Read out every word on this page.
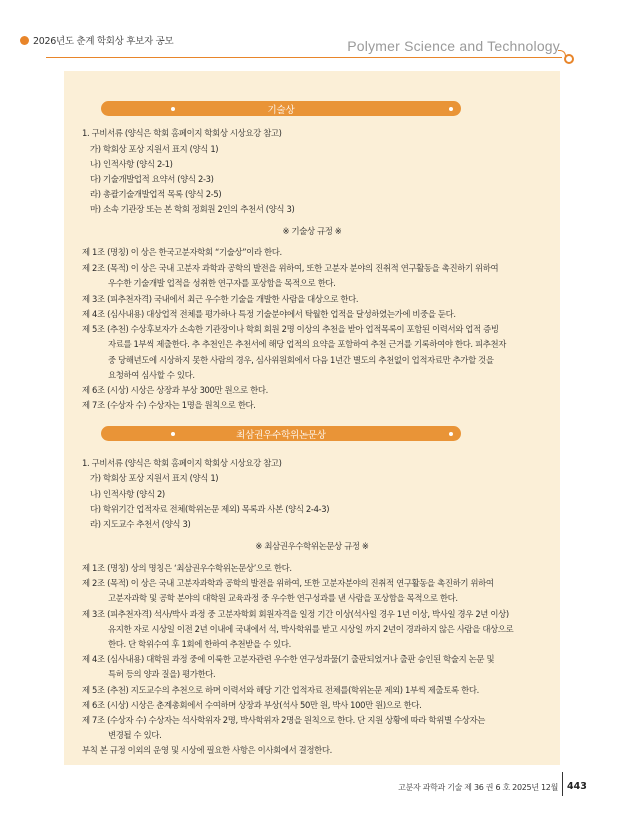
2026년도 춘계 학회상 후보자 공모	Polymer Science and Technology
기술상
1. 구비서류 (양식은 학회 홈페이지 학회상 시상요강 참고)
가) 학회상 포상 지원서 표지 (양식 1)
나) 인적사항 (양식 2-1)
다) 기술개발업적 요약서 (양식 2-3)
라) 총괄기술개발업적 목록 (양식 2-5)
마) 소속 기관장 또는 본 학회 정회원 2인의 추천서 (양식 3)
※ 기술상 규정 ※
제 1조 (명칭) 이 상은 한국고분자학회 “기술상”이라 한다.
제 2조 (목적) 이 상은 국내 고분자 과학과 공학의 발전을 위하여, 또한 고분자 분야의 진취적 연구활동을 촉진하기 위하여
우수한 기술개발 업적을 성취한 연구자를 포상함을 목적으로 한다.
제 3조 (피추천자격) 국내에서 최근 우수한 기술을 개발한 사람을 대상으로 한다.
제 4조 (심사내용) 대상업적 전체를 평가하나 특정 기술분야에서 탁월한 업적을 달성하였는가에 비중을 둔다.
제 5조 (추천) 수상후보자가 소속한 기관장이나 학회 회원 2명 이상의 추천을 받아 업적목록이 포함된 이력서와 업적 증빙
자료를 1부씩 제출한다. 추 추천인은 추천서에 해당 업적의 요약을 포함하여 추천 근거를 기록하여야 한다. 피추천자
중 당해년도에 시상하지 못한 사람의 경우, 심사위원회에서 다음 1년간 별도의 추천없이 업적자료만 추가할 것을
요청하여 심사할 수 있다.
제 6조 (시상) 시상은 상장과 부상 300만 원으로 한다.
제 7조 (수상자 수) 수상자는 1명을 원칙으로 한다.
최삼권우수학위논문상
1. 구비서류 (양식은 학회 홈페이지 학회상 시상요강 참고)
가) 학회상 포상 지원서 표지 (양식 1)
나) 인적사항 (양식 2)
다) 학위기간 업적자료 전체(학위논문 제외) 목록과 사본 (양식 2-4-3)
라) 지도교수 추천서 (양식 3)
※ 최삼권우수학위논문상 규정 ※
제 1조 (명칭) 상의 명칭은 ‘최삼권우수학위논문상’으로 한다.
제 2조 (목적) 이 상은 국내 고분자과학과 공학의 발전을 위하여, 또한 고분자분야의 진취적 연구활동을 촉진하기 위하여
고분자과학 및 공학 분야의 대학원 교육과정 중 우수한 연구성과를 낸 사람을 포상함을 목적으로 한다.
제 3조 (피추천자격) 석사/박사 과정 중 고분자학회 회원자격을 일정 기간 이상(석사일 경우 1년 이상, 박사일 경우 2년 이상)
유지한 자로 시상일 이전 2년 이내에 국내에서 석, 박사학위를 받고 시상일 까지 2년이 경과하지 않은 사람을 대상으로
한다. 단 학위수여 후 1회에 한하여 추천받을 수 있다.
제 4조 (심사내용) 대학원 과정 중에 이룩한 고분자관련 우수한 연구성과물(기 출판되었거나 출판 승인된 학술지 논문 및
특허 등의 양과 질을) 평가한다.
제 5조 (추천) 지도교수의 추천으로 하며 이력서와 해당 기간 업적자료 전체를(학위논문 제외) 1부씩 제출토록 한다.
제 6조 (시상) 시상은 춘계총회에서 수여하며 상장과 부상(석사 50만 원, 박사 100만 원)으로 한다.
제 7조 (수상자 수) 수상자는 석사학위자 2명, 박사학위자 2명을 원칙으로 한다. 단 지원 상황에 따라 학위별 수상자는
변경될 수 있다.
부칙 본 규정 이외의 운영 및 시상에 필요한 사항은 이사회에서 결정한다.
고분자 과학과 기술 제 36 권 6 호 2025년 12월 443
